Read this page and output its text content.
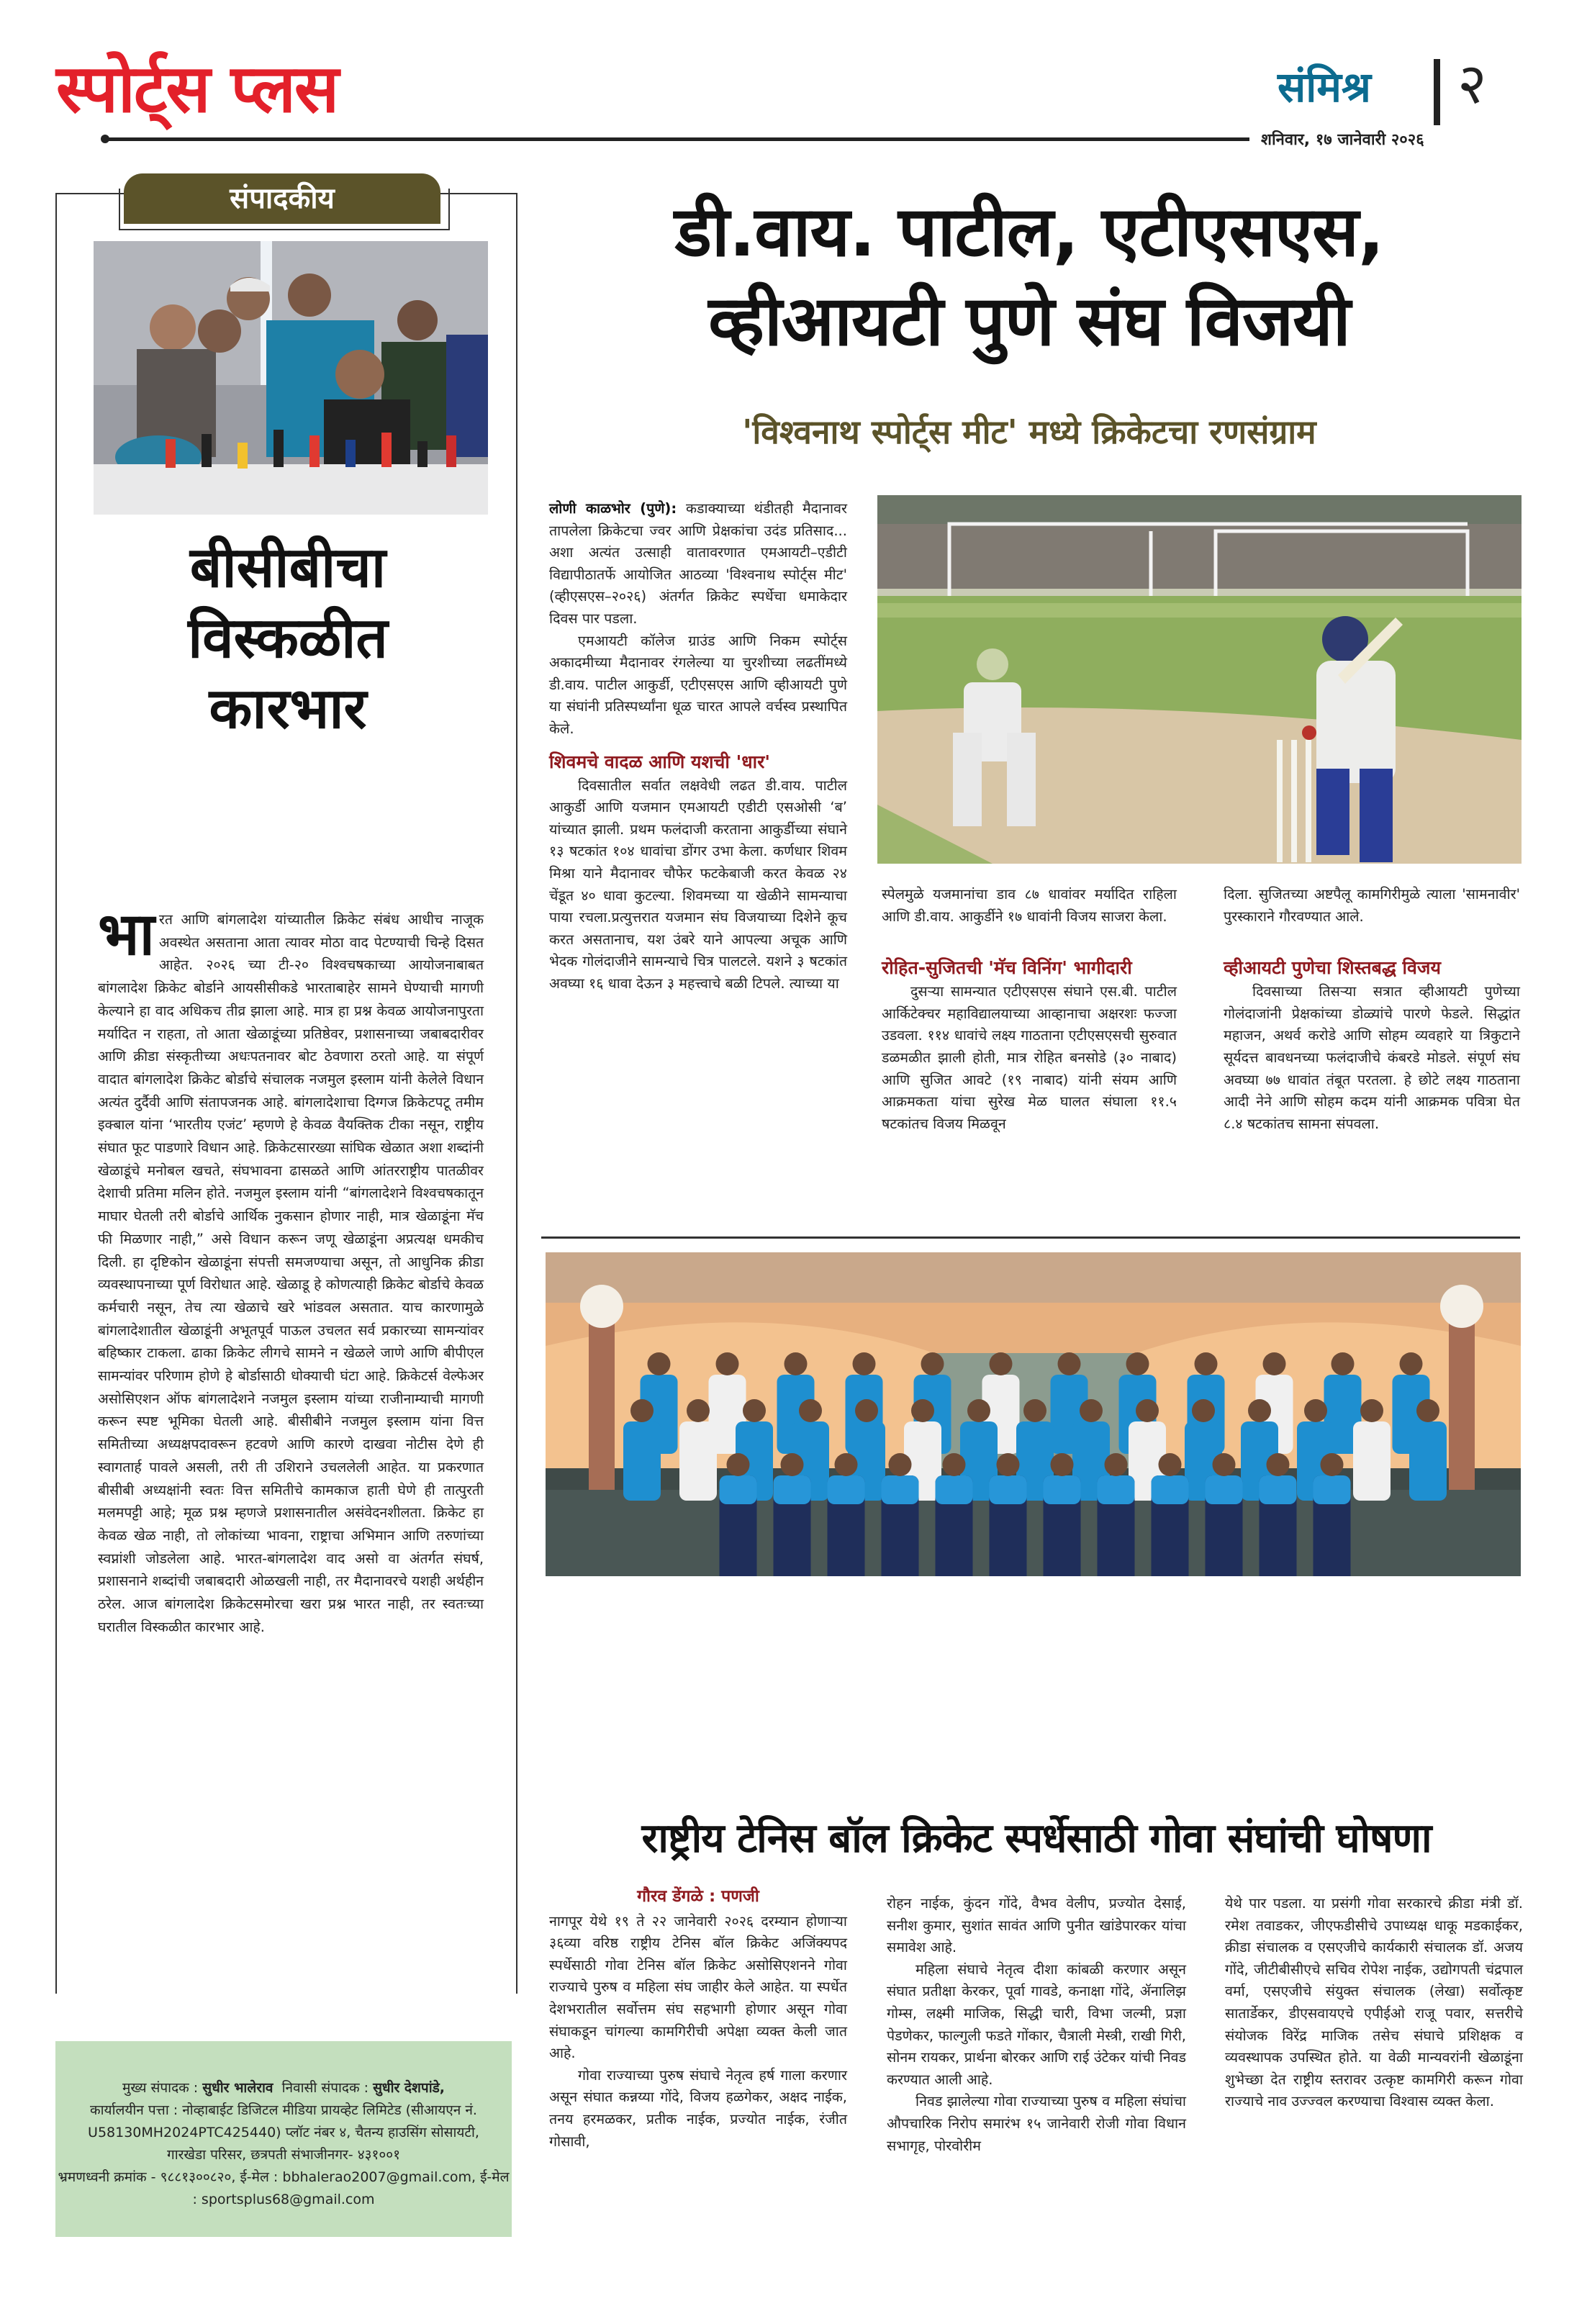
स्पोर्ट्स प्लस	संमिश्र २
शनिवार, १७ जानेवारी २०२६
संपादकीय
बीसीबीचा
विस्कळीत
कारभार
भारत आणि बांगलादेश यांच्यातील क्रिकेट संबंध आधीच नाजूक अवस्थेत असताना आता त्यावर मोठा वाद पेटण्याची चिन्हे दिसत आहेत. २०२६ च्या टी-२० विश्वचषकाच्या आयोजनाबाबत बांगलादेश क्रिकेट बोर्डाने आयसीसीकडे भारताबाहेर सामने घेण्याची मागणी केल्याने हा वाद अधिकच तीव्र झाला आहे. मात्र हा प्रश्न केवळ आयोजनापुरता मर्यादित न राहता, तो आता खेळाडूंच्या प्रतिष्ठेवर, प्रशासनाच्या जबाबदारीवर आणि क्रीडा संस्कृतीच्या अधःपतनावर बोट ठेवणारा ठरतो आहे. या संपूर्ण वादात बांगलादेश क्रिकेट बोर्डाचे संचालक नजमुल इस्लाम यांनी केलेले विधान अत्यंत दुर्दैवी आणि संतापजनक आहे. बांगलादेशाचा दिग्गज क्रिकेटपटू तमीम इक्बाल यांना ‘भारतीय एजंट’ म्हणणे हे केवळ वैयक्तिक टीका नसून, राष्ट्रीय संघात फूट पाडणारे विधान आहे. क्रिकेटसारख्या सांघिक खेळात अशा शब्दांनी खेळाडूंचे मनोबल खचते, संघभावना ढासळते आणि आंतरराष्ट्रीय पातळीवर देशाची प्रतिमा मलिन होते. नजमुल इस्लाम यांनी “बांगलादेशने विश्वचषकातून माघार घेतली तरी बोर्डाचे आर्थिक नुकसान होणार नाही, मात्र खेळाडूंना मॅच फी मिळणार नाही,” असे विधान करून जणू खेळाडूंना अप्रत्यक्ष धमकीच दिली. हा दृष्टिकोन खेळाडूंना संपत्ती समजण्याचा असून, तो आधुनिक क्रीडा व्यवस्थापनाच्या पूर्ण विरोधात आहे. खेळाडू हे कोणत्याही क्रिकेट बोर्डाचे केवळ कर्मचारी नसून, तेच त्या खेळाचे खरे भांडवल असतात. याच कारणामुळे बांगलादेशातील खेळाडूंनी अभूतपूर्व पाऊल उचलत सर्व प्रकारच्या सामन्यांवर बहिष्कार टाकला. ढाका क्रिकेट लीगचे सामने न खेळले जाणे आणि बीपीएल सामन्यांवर परिणाम होणे हे बोर्डासाठी धोक्याची घंटा आहे. क्रिकेटर्स वेल्फेअर असोसिएशन ऑफ बांगलादेशने नजमुल इस्लाम यांच्या राजीनाम्याची मागणी करून स्पष्ट भूमिका घेतली आहे. बीसीबीने नजमुल इस्लाम यांना वित्त समितीच्या अध्यक्षपदावरून हटवणे आणि कारणे दाखवा नोटीस देणे ही स्वागतार्ह पावले असली, तरी ती उशिराने उचललेली आहेत. या प्रकरणात बीसीबी अध्यक्षांनी स्वतः वित्त समितीचे कामकाज हाती घेणे ही तात्पुरती मलमपट्टी आहे; मूळ प्रश्न म्हणजे प्रशासनातील असंवेदनशीलता. क्रिकेट हा केवळ खेळ नाही, तो लोकांच्या भावना, राष्ट्राचा अभिमान आणि तरुणांच्या स्वप्नांशी जोडलेला आहे. भारत-बांगलादेश वाद असो वा अंतर्गत संघर्ष, प्रशासनाने शब्दांची जबाबदारी ओळखली नाही, तर मैदानावरचे यशही अर्थहीन ठरेल. आज बांगलादेश क्रिकेटसमोरचा खरा प्रश्न भारत नाही, तर स्वतःच्या घरातील विस्कळीत कारभार आहे.
मुख्य संपादक : सुधीर भालेराव निवासी संपादक : सुधीर देशपांडे,
कार्यालयीन पत्ता : नोव्हाबाईट डिजिटल मीडिया प्रायव्हेट लिमिटेड (सीआयएन नं. U58130MH2024PTC425440) प्लॉट नंबर ४, चैतन्य हाउसिंग सोसायटी, गारखेडा परिसर, छत्रपती संभाजीनगर- ४३१००१
भ्रमणध्वनी क्रमांक - ९८८१३००८२०, ई-मेल : bbhalerao2007@gmail.com, ई-मेल : sportsplus68@gmail.com
डी.वाय. पाटील, एटीएसएस,
व्हीआयटी पुणे संघ विजयी
'विश्वनाथ स्पोर्ट्स मीट' मध्ये क्रिकेटचा रणसंग्राम

लोणी काळभोर (पुणे): कडाक्याच्या थंडीतही मैदानावर तापलेला क्रिकेटचा ज्वर आणि प्रेक्षकांचा उदंड प्रतिसाद... अशा अत्यंत उत्साही वातावरणात एमआयटी–एडीटी विद्यापीठातर्फे आयोजित आठव्या 'विश्वनाथ स्पोर्ट्स मीट' (व्हीएसएस–२०२६) अंतर्गत क्रिकेट स्पर्धेचा धमाकेदार दिवस पार पडला.

एमआयटी कॉलेज ग्राउंड आणि निकम स्पोर्ट्स अकादमीच्या मैदानावर रंगलेल्या या चुरशीच्या लढतींमध्ये डी.वाय. पाटील आकुर्डी, एटीएसएस आणि व्हीआयटी पुणे या संघांनी प्रतिस्पर्ध्यांना धूळ चारत आपले वर्चस्व प्रस्थापित केले.

शिवमचे वादळ आणि यशची 'धार'

दिवसातील सर्वात लक्षवेधी लढत डी.वाय. पाटील आकुर्डी आणि यजमान एमआयटी एडीटी एसओसी ‘ब’ यांच्यात झाली. प्रथम फलंदाजी करताना आकुर्डीच्या संघाने १३ षटकांत १०४ धावांचा डोंगर उभा केला. कर्णधार शिवम मिश्रा याने मैदानावर चौफेर फटकेबाजी करत केवळ २४ चेंडूत ४० धावा कुटल्या. शिवमच्या या खेळीने सामन्याचा पाया रचला.प्रत्युत्तरात यजमान संघ विजयाच्या दिशेने कूच करत असतानाच, यश उंबरे याने आपल्या अचूक आणि भेदक गोलंदाजीने सामन्याचे चित्र पालटले. यशने ३ षटकांत अवघ्या १६ धावा देऊन ३ महत्त्वाचे बळी टिपले. त्याच्या या

स्पेलमुळे यजमानांचा डाव ८७ धावांवर मर्यादित राहिला आणि डी.वाय. आकुर्डीने १७ धावांनी विजय साजरा केला.

रोहित-सुजितची 'मॅच विनिंग' भागीदारी

दुसऱ्या सामन्यात एटीएसएस संघाने एस.बी. पाटील आर्किटेक्चर महाविद्यालयाच्या आव्हानाचा अक्षरशः फज्जा उडवला. ११४ धावांचे लक्ष्य गाठताना एटीएसएसची सुरुवात डळमळीत झाली होती, मात्र रोहित बनसोडे (३० नाबाद) आणि सुजित आवटे (१९ नाबाद) यांनी संयम आणि आक्रमकता यांचा सुरेख मेळ घालत संघाला ११.५ षटकांतच विजय मिळवून

दिला. सुजितच्या अष्टपैलू कामगिरीमुळे त्याला 'सामनावीर' पुरस्काराने गौरवण्यात आले.

व्हीआयटी पुणेचा शिस्तबद्ध विजय

दिवसाच्या तिसऱ्या सत्रात व्हीआयटी पुणेच्या गोलंदाजांनी प्रेक्षकांच्या डोळ्यांचे पारणे फेडले. सिद्धांत महाजन, अथर्व करोडे आणि सोहम व्यवहारे या त्रिकुटाने सूर्यदत्त बावधनच्या फलंदाजीचे कंबरडे मोडले. संपूर्ण संघ अवघ्या ७७ धावांत तंबूत परतला. हे छोटे लक्ष्य गाठताना आदी नेने आणि सोहम कदम यांनी आक्रमक पवित्रा घेत ८.४ षटकांतच सामना संपवला.

राष्ट्रीय टेनिस बॉल क्रिकेट स्पर्धेसाठी गोवा संघांची घोषणा
गौरव डेंगळे : पणजी

नागपूर येथे १९ ते २२ जानेवारी २०२६ दरम्यान होणाऱ्या ३६व्या वरिष्ठ राष्ट्रीय टेनिस बॉल क्रिकेट अजिंक्यपद स्पर्धेसाठी गोवा टेनिस बॉल क्रिकेट असोसिएशनने गोवा राज्याचे पुरुष व महिला संघ जाहीर केले आहेत. या स्पर्धेत देशभरातील सर्वोत्तम संघ सहभागी होणार असून गोवा संघाकडून चांगल्या कामगिरीची अपेक्षा व्यक्त केली जात आहे.

गोवा राज्याच्या पुरुष संघाचे नेतृत्व हर्ष गाला करणार असून संघात कन्नय्या गोंदे, विजय हळगेकर, अक्षद नाईक, तनय हरमळकर, प्रतीक नाईक, प्रज्योत नाईक, रंजीत गोसावी,

रोहन नाईक, कुंदन गोंदे, वैभव वेलीप, प्रज्योत देसाई, सनीश कुमार, सुशांत सावंत आणि पुनीत खांडेपारकर यांचा समावेश आहे.

महिला संघाचे नेतृत्व दीशा कांबळी करणार असून संघात प्रतीक्षा केरकर, पूर्वा गावडे, कनाक्षा गोंदे, ॲनालिझ गोम्स, लक्ष्मी माजिक, सिद्धी चारी, विभा जल्मी, प्रज्ञा पेडणेकर, फाल्गुली फडते गोंकार, चैत्राली मेस्त्री, राखी गिरी, सोनम रायकर, प्रार्थना बोरकर आणि राई उंटेकर यांची निवड करण्यात आली आहे.

निवड झालेल्या गोवा राज्याच्या पुरुष व महिला संघांचा औपचारिक निरोप समारंभ १५ जानेवारी रोजी गोवा विधान सभागृह, पोरवोरीम

येथे पार पडला. या प्रसंगी गोवा सरकारचे क्रीडा मंत्री डॉ. रमेश तवाडकर, जीएफडीसीचे उपाध्यक्ष धाकू मडकाईकर, क्रीडा संचालक व एसएजीचे कार्यकारी संचालक डॉ. अजय गोंदे, जीटीबीसीएचे सचिव रोपेश नाईक, उद्योगपती चंद्रपाल वर्मा, एसएजीचे संयुक्त संचालक (लेखा) सर्वोत्कृष्ट सातार्डेकर, डीएसवायएचे एपीईओ राजू पवार, सत्तरीचे संयोजक विरेंद्र माजिक तसेच संघाचे प्रशिक्षक व व्यवस्थापक उपस्थित होते. या वेळी मान्यवरांनी खेळाडूंना शुभेच्छा देत राष्ट्रीय स्तरावर उत्कृष्ट कामगिरी करून गोवा राज्याचे नाव उज्ज्वल करण्याचा विश्वास व्यक्त केला.
